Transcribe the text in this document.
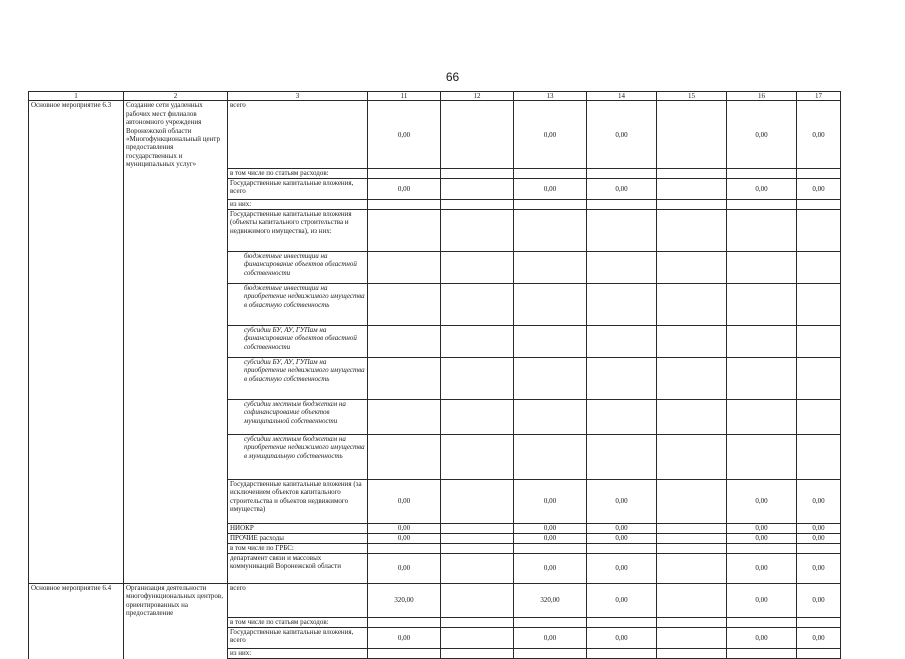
66
1	2	3	11	12	13	14	15	16	17
Основное мероприятие 6.3	Создание сети удаленных рабочих мест филиалов автономного учреждения Воронежской области «Многофункциональный центр предоставления государственных и муниципальных услуг»	всего	0,00		0,00	0,00		0,00	0,00
		в том числе по статьям расходов:							
		Государственные капитальные вложения, всего	0,00		0,00	0,00		0,00	0,00
		из них:							
		Государственные капитальные вложения (объекты капитального строительства и недвижимого имущества), из них:							
		бюджетные инвестиции на финансирование объектов областной собственности							
		бюджетные инвестиции на приобретение недвижимого имущества в областную собственность							
		субсидии БУ, АУ, ГУПам на финансирование объектов областной собственности							
		субсидии БУ, АУ, ГУПам на приобретение недвижимого имущества в областную собственность							
		субсидии местным бюджетам на софинансирование объектов муниципальной собственности							
		субсидии местным бюджетам на приобретение недвижимого имущества в муниципальную собственность							
		Государственные капитальные вложения (за исключением объектов капитального строительства и объектов недвижимого имущества)	0,00		0,00	0,00		0,00	0,00
		НИОКР	0,00		0,00	0,00		0,00	0,00
		ПРОЧИЕ расходы	0,00		0,00	0,00		0,00	0,00
		в том числе по ГРБС:							
		департамент связи и массовых коммуникаций Воронежской области	0,00		0,00	0,00		0,00	0,00
Основное мероприятие 6.4	Организация деятельности многофункциональных центров, ориентированных на предоставление	всего	320,00		320,00	0,00		0,00	0,00
		в том числе по статьям расходов:							
		Государственные капитальные вложения, всего	0,00		0,00	0,00		0,00	0,00
		из них:							
